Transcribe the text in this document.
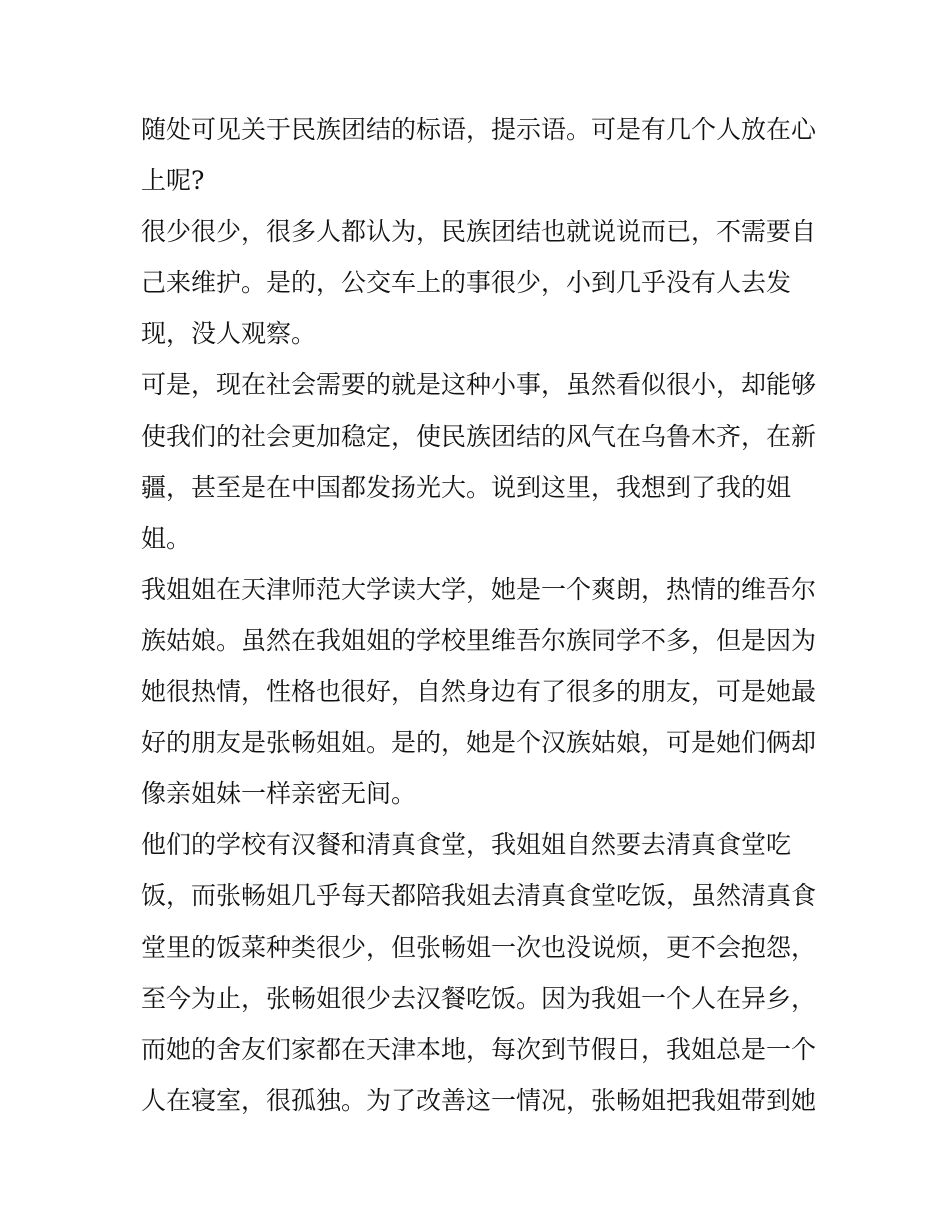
随处可见关于民族团结的标语，提示语。可是有几个人放在心
上呢?
很少很少，很多人都认为，民族团结也就说说而已，不需要自
己来维护。是的，公交车上的事很少，小到几乎没有人去发
现，没人观察。
可是，现在社会需要的就是这种小事，虽然看似很小，却能够
使我们的社会更加稳定，使民族团结的风气在乌鲁木齐，在新
疆，甚至是在中国都发扬光大。说到这里，我想到了我的姐
姐。
我姐姐在天津师范大学读大学，她是一个爽朗，热情的维吾尔
族姑娘。虽然在我姐姐的学校里维吾尔族同学不多，但是因为
她很热情，性格也很好，自然身边有了很多的朋友，可是她最
好的朋友是张畅姐姐。是的，她是个汉族姑娘，可是她们俩却
像亲姐妹一样亲密无间。
他们的学校有汉餐和清真食堂，我姐姐自然要去清真食堂吃
饭，而张畅姐几乎每天都陪我姐去清真食堂吃饭，虽然清真食
堂里的饭菜种类很少，但张畅姐一次也没说烦，更不会抱怨，
至今为止，张畅姐很少去汉餐吃饭。因为我姐一个人在异乡，
而她的舍友们家都在天津本地，每次到节假日，我姐总是一个
人在寝室，很孤独。为了改善这一情况，张畅姐把我姐带到她
